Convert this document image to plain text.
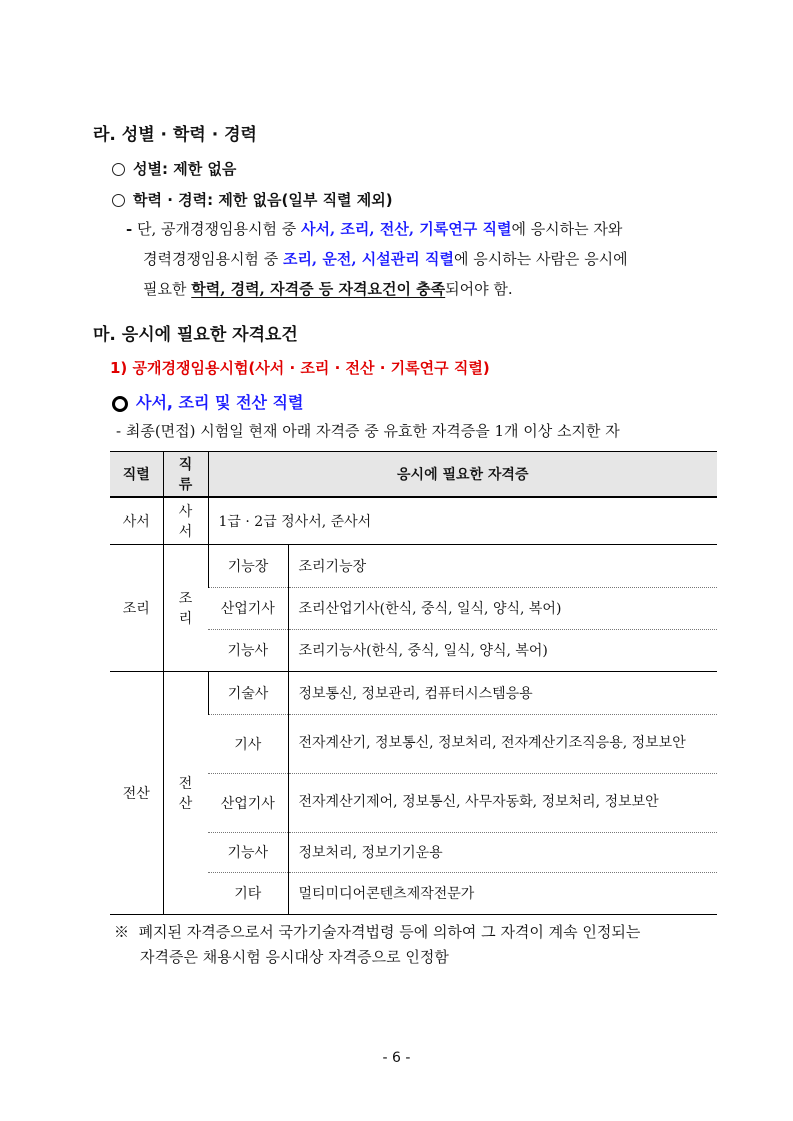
라. 성별 · 학력 · 경력
성별: 제한 없음
학력 · 경력: 제한 없음(일부 직렬 제외)
- 단, 공개경쟁임용시험 중 사서, 조리, 전산, 기록연구 직렬에 응시하는 자와
경력경쟁임용시험 중 조리, 운전, 시설관리 직렬에 응시하는 사람은 응시에
필요한 학력, 경력, 자격증 등 자격요건이 충족되어야 함.
마. 응시에 필요한 자격요건
1) 공개경쟁임용시험(사서 · 조리 · 전산 · 기록연구 직렬)
사서, 조리 및 전산 직렬
- 최종(면접) 시험일 현재 아래 자격증 중 유효한 자격증을 1개 이상 소지한 자
직렬	직류	응시에 필요한 자격증	
사서	사서	1급 · 2급 정사서, 준사서	
조리	조리	기능장	조리기능장
		산업기사	조리산업기사(한식, 중식, 일식, 양식, 복어)
		기능사	조리기능사(한식, 중식, 일식, 양식, 복어)
전산	전산	기술사	정보통신, 정보관리, 컴퓨터시스템응용
		기사	전자계산기, 정보통신, 정보처리, 전자계산기조직응용, 정보보안
		산업기사	전자계산기제어, 정보통신, 사무자동화, 정보처리, 정보보안
		기능사	정보처리, 정보기기운용
		기타	멀티미디어콘텐츠제작전문가
※ 폐지된 자격증으로서 국가기술자격법령 등에 의하여 그 자격이 계속 인정되는
자격증은 채용시험 응시대상 자격증으로 인정함
- 6 -
